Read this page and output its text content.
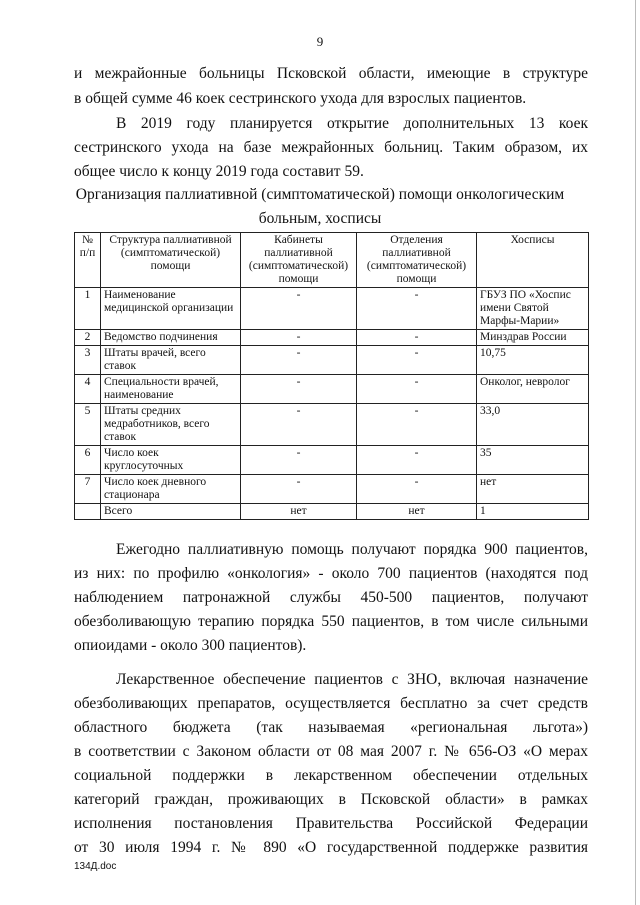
9

и межрайонные больницы Псковской области, имеющие в структуре

в общей сумме 46 коек сестринского ухода для взрослых пациентов.

В 2019 году планируется открытие дополнительных 13 коек

сестринского ухода на базе межрайонных больниц. Таким образом, их

общее число к концу 2019 года составит 59.

Организация паллиативной (симптоматической) помощи онкологическим
больным, хосписы
№ п/п	Структура паллиативной (симптоматической) помощи	Кабинеты паллиативной (симптоматической) помощи	Отделения паллиативной (симптоматической) помощи	Хосписы
1	Наименование медицинской организации	-	-	ГБУЗ ПО «Хоспис имени Святой Марфы-Марии»
2	Ведомство подчинения	-	-	Минздрав России
3	Штаты врачей, всего ставок	-	-	10,75
4	Специальности врачей, наименование	-	-	Онколог, невролог
5	Штаты средних медработников, всего ставок	-	-	33,0
6	Число коек круглосуточных	-	-	35
7	Число коек дневного стационара	-	-	нет
	Всего	нет	нет	1

Ежегодно паллиативную помощь получают порядка 900 пациентов,

из них: по профилю «онкология» - около 700 пациентов (находятся под

наблюдением патронажной службы 450-500 пациентов, получают

обезболивающую терапию порядка 550 пациентов, в том числе сильными

опиоидами - около 300 пациентов).

Лекарственное обеспечение пациентов с ЗНО, включая назначение

обезболивающих препаратов, осуществляется бесплатно за счет средств

областного бюджета (так называемая «региональная льгота»)

в соответствии с Законом области от 08 мая 2007 г. № 656-ОЗ «О мерах

социальной поддержки в лекарственном обеспечении отдельных

категорий граждан, проживающих в Псковской области» в рамках

исполнения постановления Правительства Российской Федерации

от 30 июля 1994 г. № 890 «О государственной поддержке развития

134Д.doc
